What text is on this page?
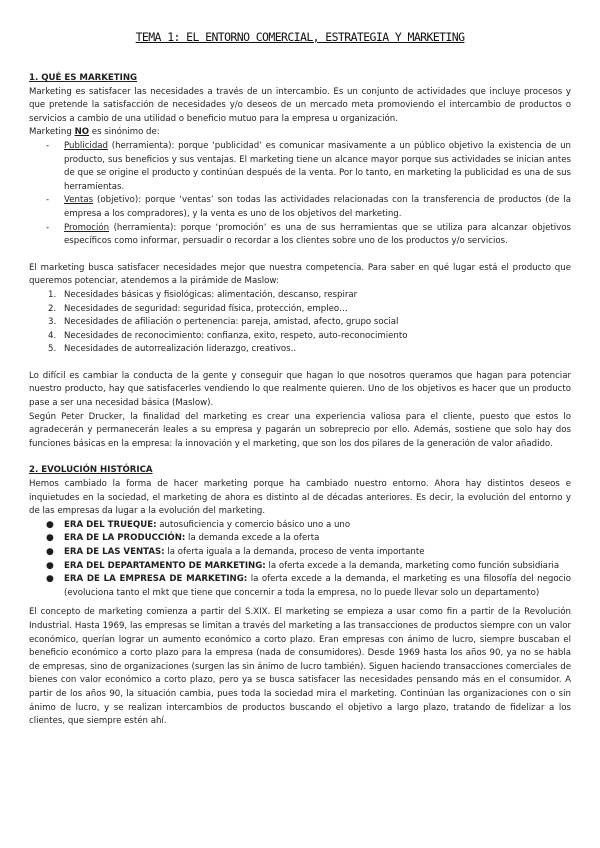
TEMA 1: EL ENTORNO COMERCIAL, ESTRATEGIA Y MARKETING

1. QUÉ ES MARKETING

Marketing es satisfacer las necesidades a través de un intercambio. Es un conjunto de actividades que incluye procesos y que pretende la satisfacción de necesidades y/o deseos de un mercado meta promoviendo el intercambio de productos o servicios a cambio de una utilidad o beneficio mutuo para la empresa u organización.

Marketing NO es sinónimo de:

- Publicidad (herramienta): porque ‘publicidad’ es comunicar masivamente a un público objetivo la existencia de un producto, sus beneficios y sus ventajas. El marketing tiene un alcance mayor porque sus actividades se inician antes de que se origine el producto y continúan después de la venta. Por lo tanto, en marketing la publicidad es una de sus herramientas.
- Ventas (objetivo): porque ‘ventas’ son todas las actividades relacionadas con la transferencia de productos (de la empresa a los compradores), y la venta es uno de los objetivos del marketing.
- Promoción (herramienta): porque ‘promoción’ es una de sus herramientas que se utiliza para alcanzar objetivos específicos como informar, persuadir o recordar a los clientes sobre uno de los productos y/o servicios.

El marketing busca satisfacer necesidades mejor que nuestra competencia. Para saber en qué lugar está el producto que queremos potenciar, atendemos a la pirámide de Maslow:

1. Necesidades básicas y fisiológicas: alimentación, descanso, respirar
2. Necesidades de seguridad: seguridad física, protección, empleo…
3. Necesidades de afiliación o pertenencia: pareja, amistad, afecto, grupo social
4. Necesidades de reconocimiento: confianza, exito, respeto, auto-reconocimiento
5. Necesidades de autorrealización liderazgo, creativos..

Lo difícil es cambiar la conducta de la gente y conseguir que hagan lo que nosotros queramos que hagan para potenciar nuestro producto, hay que satisfacerles vendiendo lo que realmente quieren. Uno de los objetivos es hacer que un producto pase a ser una necesidad básica (Maslow).

Según Peter Drucker, la finalidad del marketing es crear una experiencia valiosa para el cliente, puesto que estos lo agradecerán y permanecerán leales a su empresa y pagarán un sobreprecio por ello. Además, sostiene que solo hay dos funciones básicas en la empresa: la innovación y el marketing, que son los dos pilares de la generación de valor añadido.

2. EVOLUCIÓN HISTÓRICA

Hemos cambiado la forma de hacer marketing porque ha cambiado nuestro entorno. Ahora hay distintos deseos e inquietudes en la sociedad, el marketing de ahora es distinto al de décadas anteriores. Es decir, la evolución del entorno y de las empresas da lugar a la evolución del marketing.

● ERA DEL TRUEQUE: autosuficiencia y comercio básico uno a uno
● ERA DE LA PRODUCCIÓN: la demanda excede a la oferta
● ERA DE LAS VENTAS: la oferta iguala a la demanda, proceso de venta importante
● ERA DEL DEPARTAMENTO DE MARKETING: la oferta excede a la demanda, marketing como función subsidiaria
● ERA DE LA EMPRESA DE MARKETING: la oferta excede a la demanda, el marketing es una filosofía del negocio (evoluciona tanto el mkt que tiene que concernir a toda la empresa, no lo puede llevar solo un departamento)

El concepto de marketing comienza a partir del S.XIX. El marketing se empieza a usar como fin a partir de la Revolución Industrial. Hasta 1969, las empresas se limitan a través del marketing a las transacciones de productos siempre con un valor económico, querían lograr un aumento económico a corto plazo. Eran empresas con ánimo de lucro, siempre buscaban el beneficio económico a corto plazo para la empresa (nada de consumidores). Desde 1969 hasta los años 90, ya no se habla de empresas, sino de organizaciones (surgen las sin ánimo de lucro también). Siguen haciendo transacciones comerciales de bienes con valor económico a corto plazo, pero ya se busca satisfacer las necesidades pensando más en el consumidor. A partir de los años 90, la situación cambia, pues toda la sociedad mira el marketing. Continúan las organizaciones con o sin ánimo de lucro, y se realizan intercambios de productos buscando el objetivo a largo plazo, tratando de fidelizar a los clientes, que siempre estén ahí.
